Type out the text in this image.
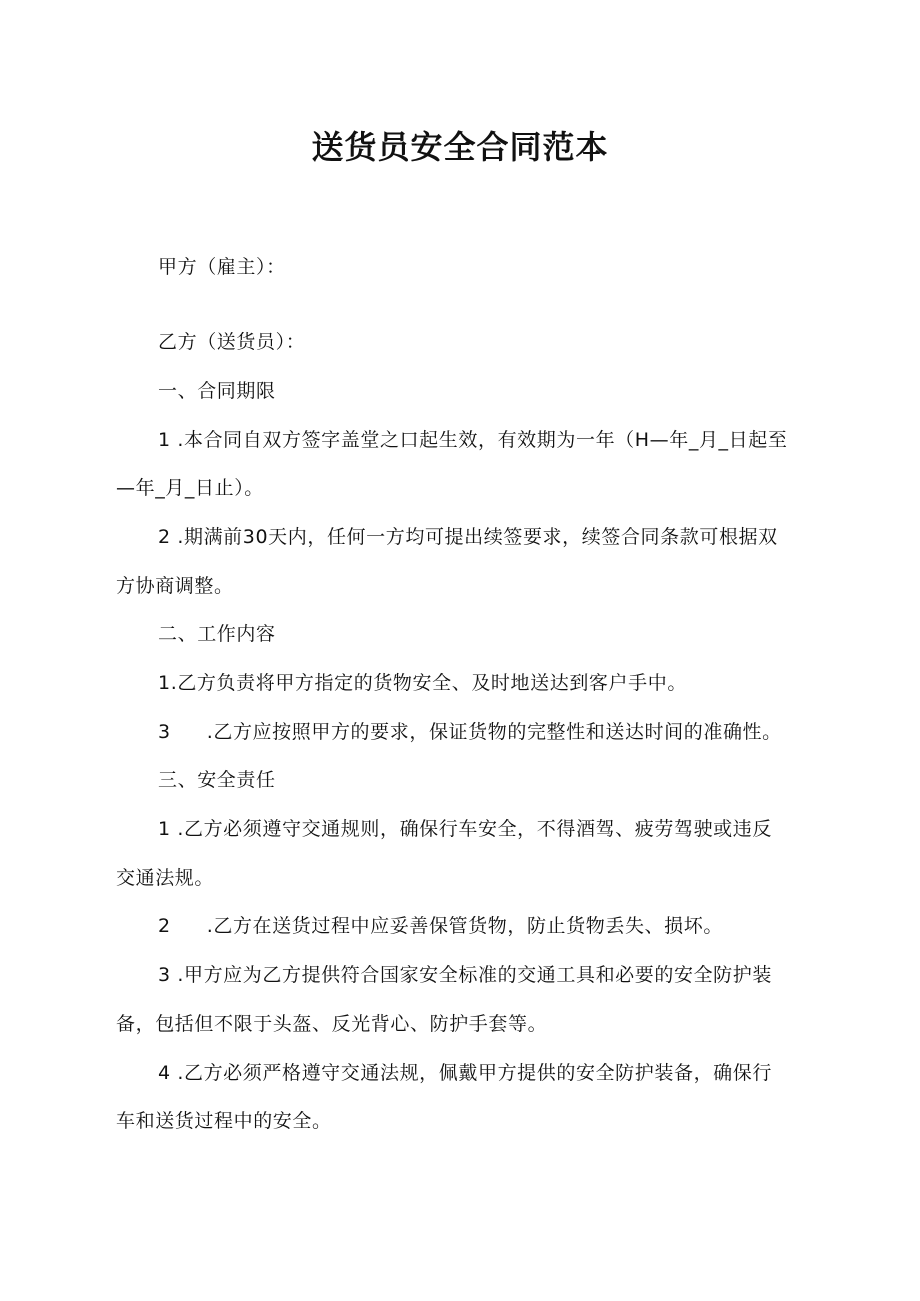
送货员安全合同范本

甲方（雇主）：

乙方（送货员）：

一、合同期限

1 .本合同自双方签字盖堂之口起生效，有效期为一年（H—年_月_日起至

—年_月_日止）。

2 .期满前30天内，任何一方均可提出续签要求，续签合同条款可根据双

方协商调整。

二、工作内容

1.乙方负责将甲方指定的货物安全、及时地送达到客户手中。

3 .乙方应按照甲方的要求，保证货物的完整性和送达时间的准确性。

三、安全责任

1 .乙方必须遵守交通规则，确保行车安全，不得酒驾、疲劳驾驶或违反

交通法规。

2 .乙方在送货过程中应妥善保管货物，防止货物丢失、损坏。

3 .甲方应为乙方提供符合国家安全标准的交通工具和必要的安全防护装

备，包括但不限于头盔、反光背心、防护手套等。

4 .乙方必须严格遵守交通法规，佩戴甲方提供的安全防护装备，确保行

车和送货过程中的安全。
